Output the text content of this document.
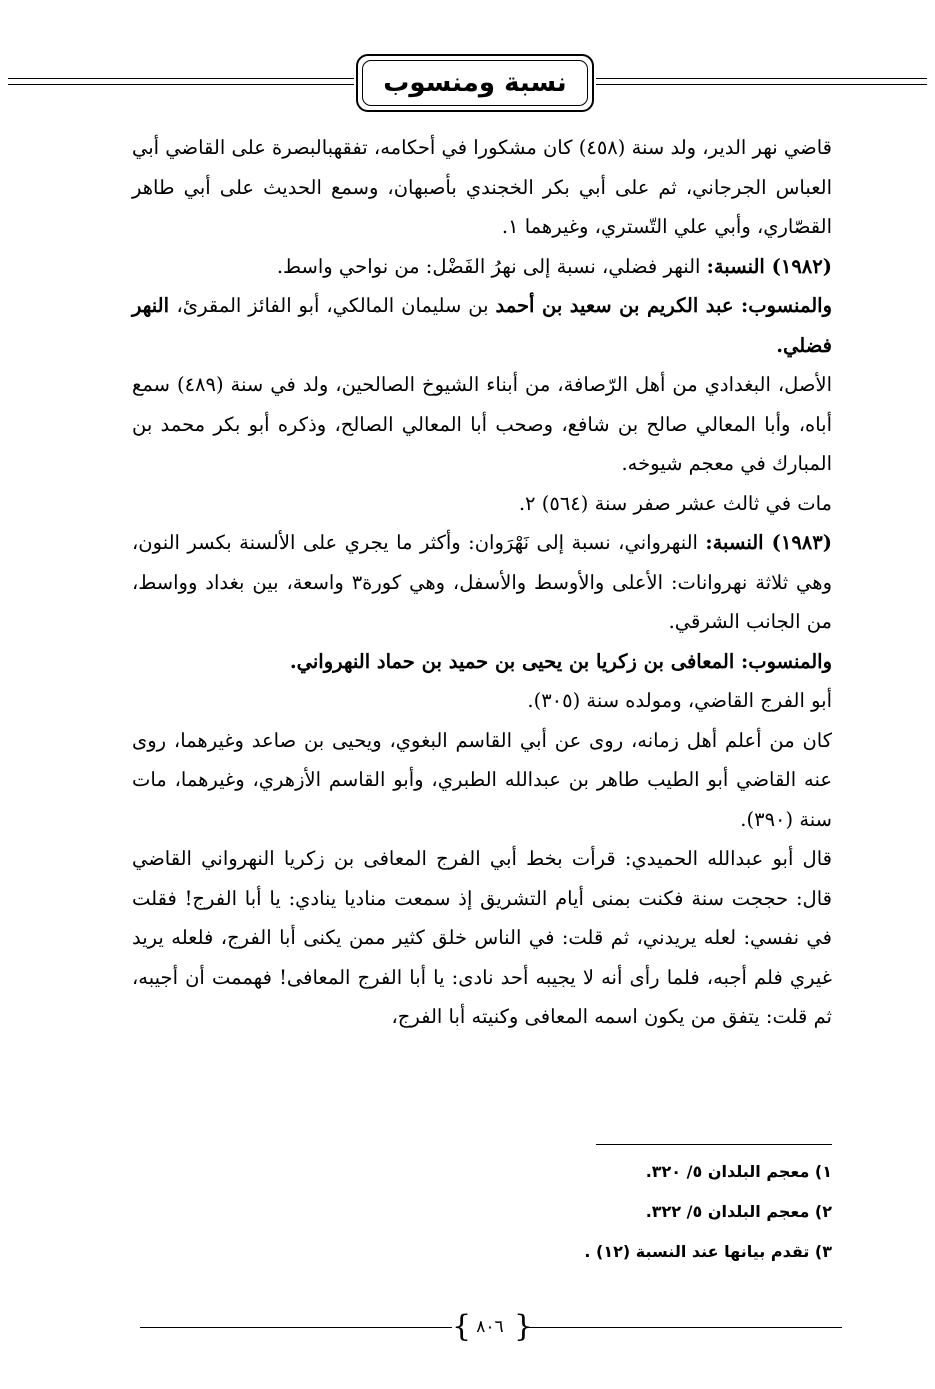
نسبة ومنسوب

قاضي نهر الدير، ولد سنة (٤٥٨) كان مشكورا في أحكامه، تفقهبالبصرة على القاضي أبي العباس الجرجاني، ثم على أبي بكر الخجندي بأصبهان، وسمع الحديث على أبي طاهر القصّاري، وأبي علي التّستري، وغيرهما ١.

(١٩٨٢) النسبة: النهر فضلي، نسبة إلى نهرُ الفَضْل: من نواحي واسط.

والمنسوب: عبد الكريم بن سعيد بن أحمد بن سليمان المالكي، أبو الفائز المقرئ، النهر فضلي.

الأصل، البغدادي من أهل الرّصافة، من أبناء الشيوخ الصالحين، ولد في سنة (٤٨٩) سمع أباه، وأبا المعالي صالح بن شافع، وصحب أبا المعالي الصالح، وذكره أبو بكر محمد بن المبارك في معجم شيوخه.

مات في ثالث عشر صفر سنة (٥٦٤) ٢.

(١٩٨٣) النسبة: النهرواني، نسبة إلى نَهْرَوان: وأكثر ما يجري على الألسنة بكسر النون، وهي ثلاثة نهروانات: الأعلى والأوسط والأسفل، وهي كورة٣ واسعة، بين بغداد وواسط، من الجانب الشرقي.

والمنسوب: المعافى بن زكريا بن يحيى بن حميد بن حماد النهرواني.

أبو الفرج القاضي، ومولده سنة (٣٠٥).

كان من أعلم أهل زمانه، روى عن أبي القاسم البغوي، ويحيى بن صاعد وغيرهما، روى عنه القاضي أبو الطيب طاهر بن عبدالله الطبري، وأبو القاسم الأزهري، وغيرهما، مات سنة (٣٩٠).

قال أبو عبدالله الحميدي: قرأت بخط أبي الفرج المعافى بن زكريا النهرواني القاضي قال: حججت سنة فكنت بمنى أيام التشريق إذ سمعت مناديا ينادي: يا أبا الفرج! فقلت في نفسي: لعله يريدني، ثم قلت: في الناس خلق كثير ممن يكنى أبا الفرج، فلعله يريد غيري فلم أجبه، فلما رأى أنه لا يجيبه أحد نادى: يا أبا الفرج المعافى! فهممت أن أجيبه، ثم قلت: يتفق من يكون اسمه المعافى وكنيته أبا الفرج،

١) معجم البلدان ٥/ ٣٢٠.
٢) معجم البلدان ٥/ ٣٢٢.
٣) تقدم بيانها عند النسبة (١٢) .
{ ٨٠٦ }
